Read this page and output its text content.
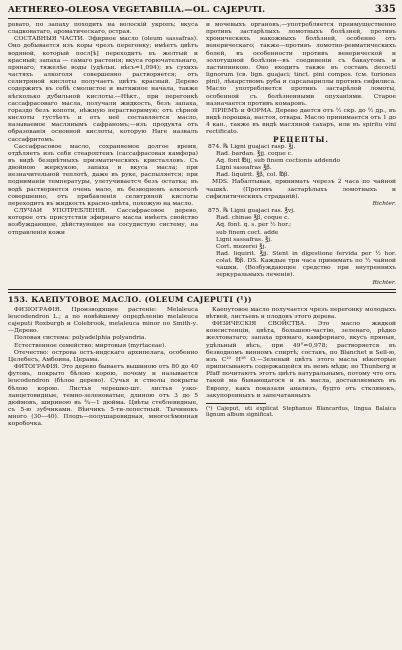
AETHEREO-OLEOSA VEGETABILIA.—OL. CAJEPUTI.	335

ровато, по запаху походить на волоскій укропъ; вкуса сладковатаго, ароматическаго, острая.

СОСТАВНЫЯ ЧАСТИ. Эфирное масло (oleum sassafras). Оно добывается изъ коры чрезъ перегонку; имѣетъ цвѣтъ водяной, который посл[ѣ] переходитъ въ желтый и красный; запаха — самаго растенія; вкуса горючательнаго, прянаго, тяжелѣе воды (удѣльн. вѣсъ=1,094); въ сухихъ частяхъ алкоголя совершенно растворяется; отъ селитряной кислоты получаетъ цвѣтъ красный. Дерево содержитъ въ себѣ смолистое и вытяжное начала, также нѣсколько дубильной кислоты.—Нѣкт., при перегонкѣ сассафрасоваго масла, получали жидкость, безъ запаха, гораздо безъ копоти, нѣжную нерастворимую; отъ сѣрной кислоты густѣетъ и отъ неё составляется масло, называемое маслянымъ сафраномъ;—изъ продукта отъ образованія основной кислоты, которую Наге назвалъ сассафритомъ.

Сассафрасовое масло, сохраняемое долгое время, отдѣляетъ изъ себя стеароптенъ (сассафрасовая камфора) въ видѣ безцвѣтныхъ призматическихъ кристалловъ. Съ двойною жеркукою, запаха и вкуса масла; при незначительной теплотѣ, даже въ руке, распыляется; при подниманіи температуры, улетучиваетсч безъ остатка; въ водѣ растворяется очень мало, въ безводномъ алкоголѣ совершенно, отъ прибавленія селитряной кислоты переходитъ въ жидкость красно-цвѣта, похожую на масло.

СЛУЧАИ УПОТРЕБЛЕНІЯ. Сассафрасовое дерево, которое отъ присутствія эфирнаго масла имѣетъ свойство возбуждающее, дѣйствующее на сосудистую систему, на отправленія кожи

и мочевыхъ органовъ,—употребляется преимущественно противъ застарѣлыхъ ломотныхъ болѣзней, противъ хроническихъ накожныхъ болѣзней, особенно отъ венерическаго; также—противъ ломотно-ревматическихъ болей, въ особенности противъ венерической и золотушной болѣзни—въ соединеніи съ бакаутомъ и ластипинкою. Оно входитъ также въ составъ decocti lignorum (св. lign. guajaci; tinct. pini compos. (см. turiones pini), лѣкарствомъ руба и сарсапариллы противъ сифилиса. Масло употребляется противъ застарѣлой ломоты, особенной съ болѣзненными опуханіями. Старое назначается противъ комаровъ.

ПРІЕМЪ и ФОРМА. Дерево дается отъ ½ скр. до ½ др., въ видѣ порошка, настоя, отвара. Масло принимается отъ 1 до 4 кап., также въ видѣ масляной сахаръ, или въ spiritu vini rectificato.

РЕЦЕПТЫ.

874. ℞ Ligni guajaci rasp. ℥j.

Rad. bardan. ℥jj. coque c.

Aq. font ℔ij, sub finem coctionis addendo

Ligni sassafras ℥β.

Rad. liquirit. ℥β, col. ℔β.

MDS. Набалтывая, принимать черезъ 2 часа по чайной чашкѣ. (Противъ застарѣлыхъ ломотныхъ и сифилитическихъ страданій).

Richter.

875. ℞ Ligni guajaci ras. ℥vj.

Rad. chinae ℥β, coque c.

Aq. font. q. s. per ½ hor.;

sub finem coct. adde

Ligni sassafras. ℥j.

Cort. mezerei ℥j.

Rad. liquirit. ℥jj. Stent in digestione fervida per ½ hor. colat. ℔β. DS. Каждые три часа принимать по ½ чайной чашки. (Возбуждающее средство при внутреннихъ зеркуральныхъ леченія).

Richter.

153. КАЕПУТОВОЕ МАСЛО. (OLEUM CAJEPUTI (¹))

ФИЗІОГРАФІЯ. Производящее растеніе: Melaleuca leucodendron L.; а по новѣйшему опредѣленію melaleuca cajeputi Roxburgh и Colebrook, melaleuca minor по Smith-у.—Дерево.

Половая система: polyadelphia polyandria.

Естественное семейство: миртовыя (myrtaceae).

Отечество: острова остъ-индскаго архипелага, особенно Целебесъ, Амбоина, Церама.

ФИТОГРАФІЯ. Это дерево бываетъ вышиною отъ 80 до 40 футовъ, покрыто бѣлою корою, почему и называется leucodendron (бѣлое дерево). Сучья и стволы покрыты бѣлою корою. Листья черешко-шт. листья узко-ланцетовидные, темно-зеленоватые, длиною отъ 3 до 5 дюймовъ, шириною въ ¾—1 дюйма. Цвѣты стеблевидные, съ 5-ю зубчиками. Вѣнчикъ 5-ти-лепестный. Тычинокъ много (30—40). Плодъ—полушаровидная, многосѣмянная коробочка.

Каепутовое масло получается чрезъ перегонку молодыхъ вѣтвей, листьевъ и плодовъ этого дерева.

ФИЗИЧЕСКІЯ СВОЙСТВА. Это масло жидкой консистенціи, цвѣта, большею-частію, зеленаго, рѣдко желтоватаго; запаха прямаго, камфорнаго, вкусъ пряныя, удѣльный вѣсъ, при 49°=0,978; растворяется въ безводномъ винномъ спиртѣ; составъ, по Blanchet и Sell-ю, изъ C¹⁰ H¹⁸ O.—Зеленый цвѣтъ этого масла нѣкоторые приписываютъ содержащейся въ немъ мѣди; но Thunberg и Pfaff почитаютъ этотъ цвѣтъ натуральнымъ, потому что отъ такой ма бывающагося и въ масла, доставляемыхъ въ Европу, какъ показали анализъ, будто отъ стклянокъ, закупоренныхъ и запечатанныхъ

(¹) Cajeput, uti explicat Stephanus Blancardus, lingua Balaica lignum album significat.
